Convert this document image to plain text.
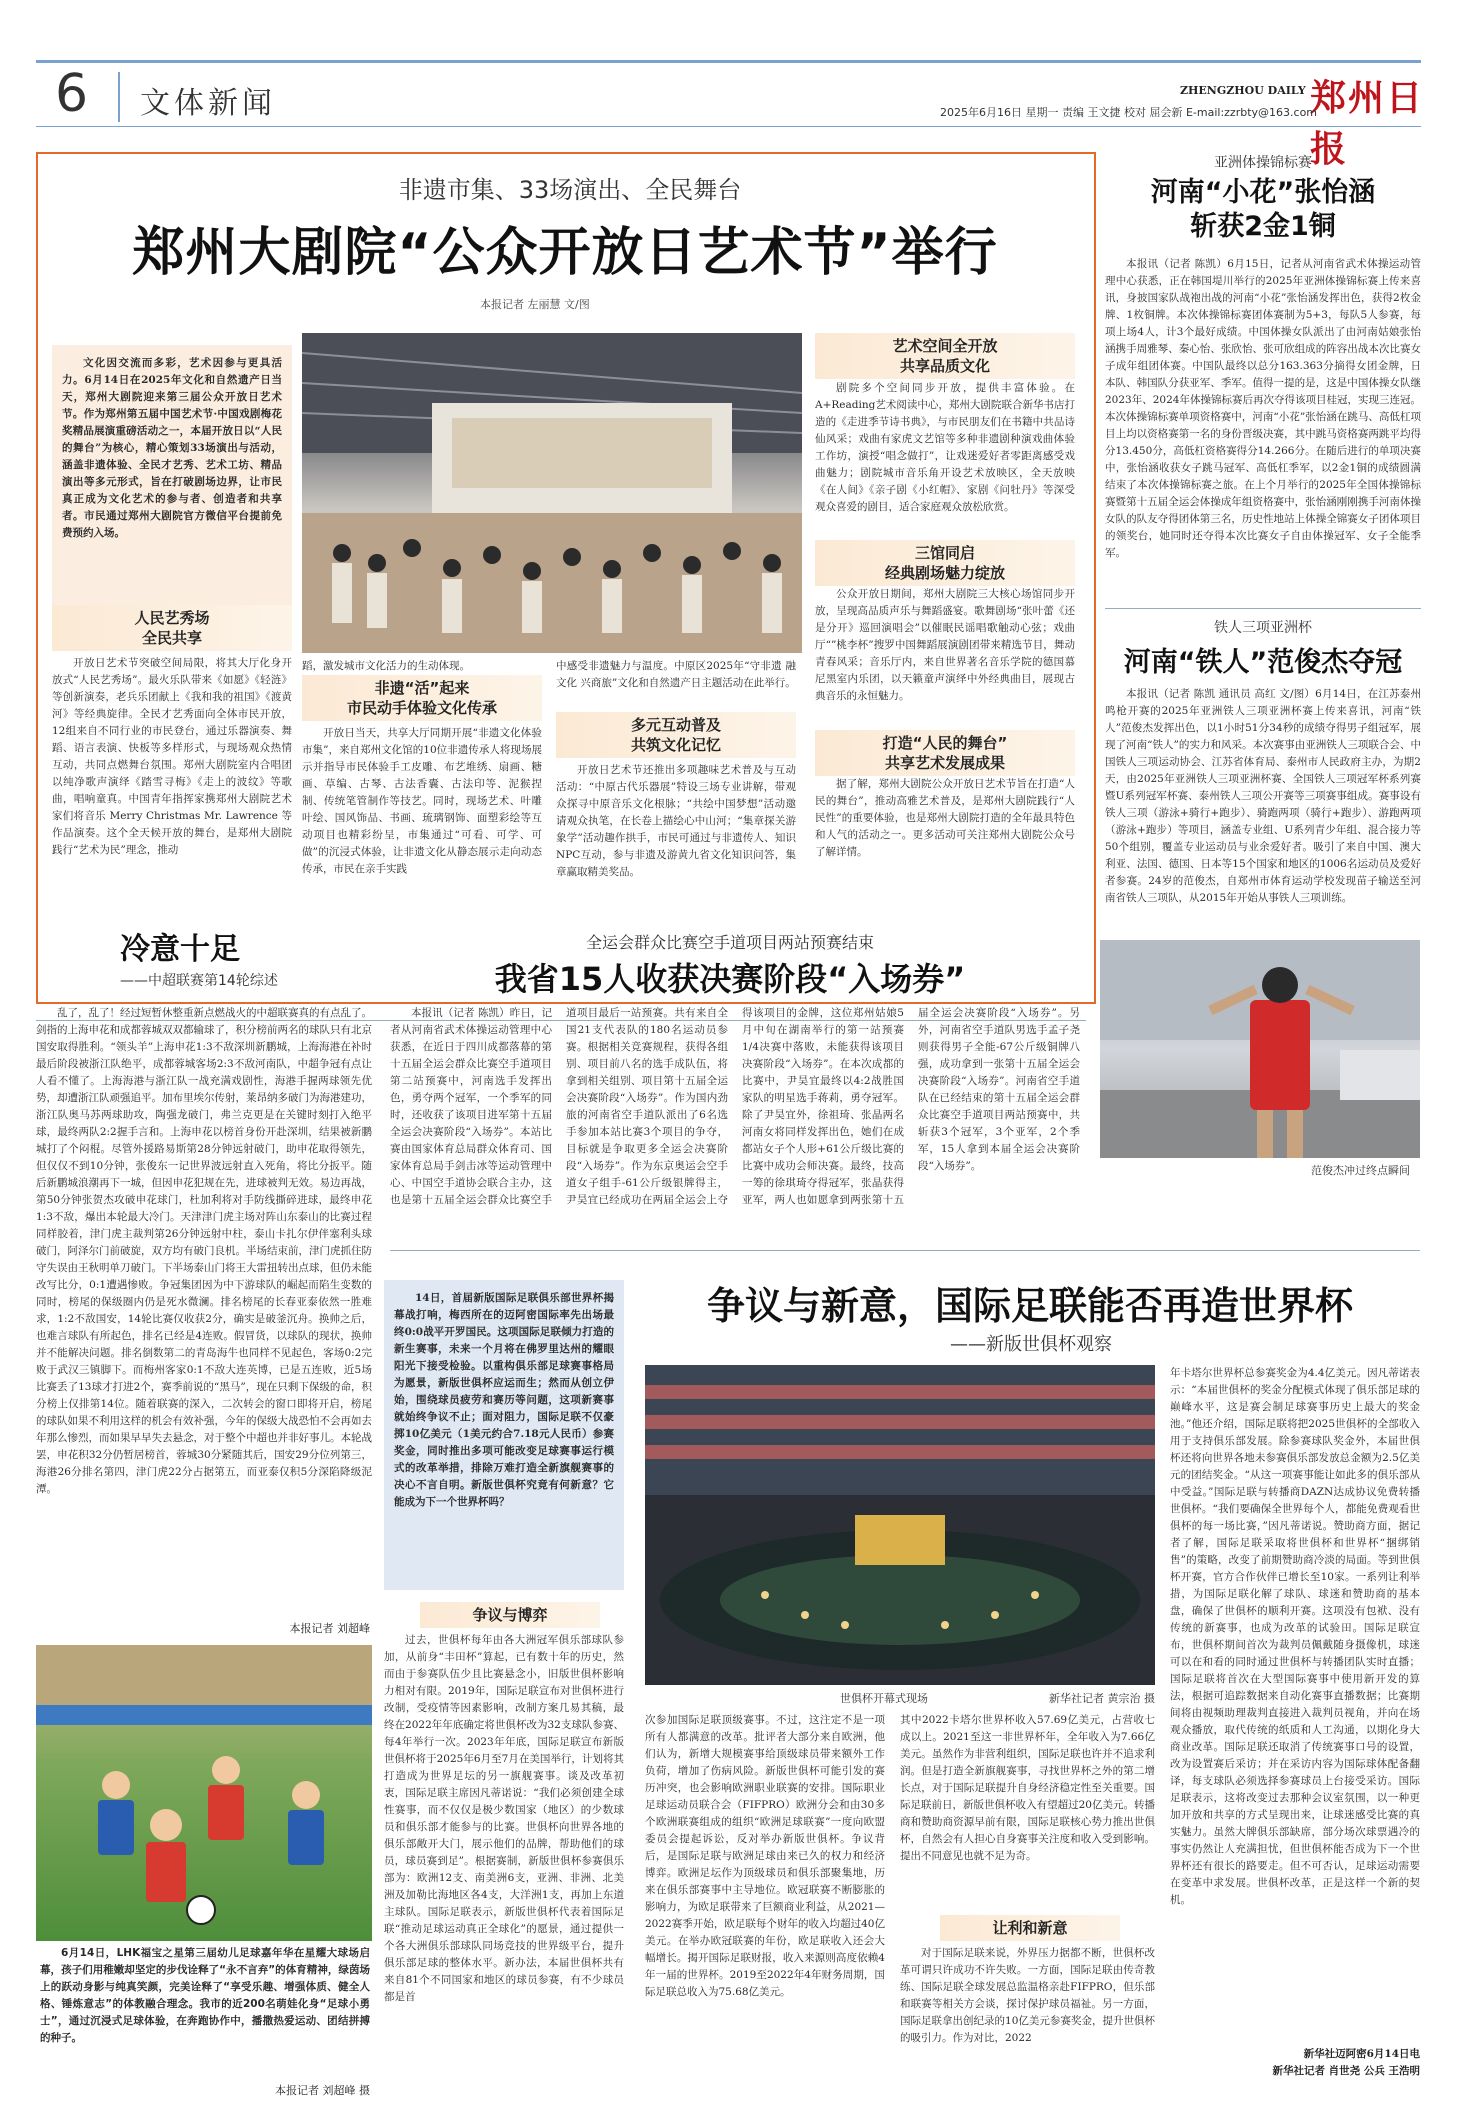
6 文体新闻	ZHENGZHOU DAILY 郑州日报
2025年6月16日 星期一 责编 王文捷 校对 屈会新 E-mail:zzrbty@163.com
非遗市集、33场演出、全民舞台
郑州大剧院“公众开放日艺术节”举行
本报记者 左丽慧 文/图

文化因交流而多彩，艺术因参与更具活力。6月14日在2025年文化和自然遗产日当天，郑州大剧院迎来第三届公众开放日艺术节。作为郑州第五届中国艺术节·中国戏剧梅花奖精品展演重磅活动之一，本届开放日以“人民的舞台”为核心，精心策划33场演出与活动，涵盖非遗体验、全民才艺秀、艺术工坊、精品演出等多元形式，旨在打破剧场边界，让市民真正成为文化艺术的参与者、创造者和共享者。市民通过郑州大剧院官方微信平台提前免费预约入场。

人民艺秀场
全民共享

开放日艺术节突破空间局限，将其大厅化身开放式“人民艺秀场”。最火乐队带来《如愿》《轻涟》等创新演奏，老兵乐团献上《我和我的祖国》《渡黄河》等经典旋律。全民才艺秀面向全体市民开放，12组来自不同行业的市民登台，通过乐器演奏、舞蹈、语言表演、快板等多样形式，与现场观众热情互动，共同点燃舞台氛围。郑州大剧院室内合唱团以纯净歌声演绎《踏雪寻梅》《走上的波纹》等歌曲，唱响童真。中国青年指挥家携郑州大剧院艺术家们将音乐 Merry Christmas Mr. Lawrence 等作品演奏。这个全天候开放的舞台，是郑州大剧院践行“艺术为民”理念，推动

蹈，激发城市文化活力的生动体现。

非遗“活”起来
市民动手体验文化传承

开放日当天，共享大厅同期开展“非遗文化体验市集”，来自郑州文化馆的10位非遗传承人将现场展示并指导市民体验手工皮雕、布艺堆绣、扇画、糖画、草编、古琴、古法香囊、古法印等、泥猴捏制、传统笔管制作等技艺。同时，现场艺术、叶雕叶绘、国风饰品、书画、琉璃钢饰、面塑彩绘等互动项目也精彩纷呈，市集通过“可看、可学、可做”的沉浸式体验，让非遗文化从静态展示走向动态传承，市民在亲手实践

中感受非遗魅力与温度。中原区2025年“守非遗 融文化 兴商旅”文化和自然遗产日主题活动在此举行。

多元互动普及
共筑文化记忆

开放日艺术节还推出多项趣味艺术普及与互动活动：“中原古代乐器展”特设三场专业讲解，带观众探寻中原音乐文化根脉；“共绘中国梦想”活动邀请观众执笔，在长卷上描绘心中山河；“集章探关游象学”活动趣作拱手，市民可通过与非遗传人、知识NPC互动，参与非遗及游黄九省文化知识问答，集章赢取精美奖品。

艺术空间全开放
共享品质文化

剧院多个空间同步开放，提供丰富体验。在A+Reading艺术阅读中心，郑州大剧院联合新华书店打造的《走进季节诗书典》，与市民朋友们在书籍中共品诗仙风采；戏曲有家虎文艺馆等多种非遗剧种演戏曲体验工作坊，演授“唱念做打”，让戏迷爱好者零距离感受戏曲魅力；剧院城市音乐角开设艺术放映区，全天放映《在人间》《亲子剧《小红帽》、家剧《问牡丹》等深受观众喜爱的剧目，适合家庭观众放松欣赏。

三馆同启
经典剧场魅力绽放

公众开放日期间，郑州大剧院三大核心场馆同步开放，呈现高品质声乐与舞蹈盛宴。歌舞剧场“张叶蕾《还是分开》巡回演唱会”以催眠民谣唱歌触动心弦；戏曲厅“”桃李杯”搜罗中国舞蹈展演剧团带来精选节目，舞动青春风采；音乐厅内，来自世界著名音乐学院的德国慕尼黑室内乐团，以天籁童声演绎中外经典曲目，展现古典音乐的永恒魅力。

打造“人民的舞台”
共享艺术发展成果

据了解，郑州大剧院公众开放日艺术节旨在打造“人民的舞台”，推动高雅艺术普及，是郑州大剧院践行“人民性”的重要体验，也是郑州大剧院打造的全年最具特色和人气的活动之一。更多活动可关注郑州大剧院公众号了解详情。

亚洲体操锦标赛
河南“小花”张怡涵
斩获2金1铜

本报讯（记者 陈凯）6月15日，记者从河南省武术体操运动管理中心获悉，正在韩国堤川举行的2025年亚洲体操锦标赛上传来喜讯，身披国家队战袍出战的河南“小花”张怡涵发挥出色，获得2枚金牌、1枚铜牌。本次体操锦标赛团体赛制为5+3，每队5人参赛，每项上场4人，计3个最好成绩。中国体操女队派出了由河南姑娘张怡涵携手周雅琴、秦心怡、张欣怡、张可欣组成的阵容出战本次比赛女子成年组团体赛。中国队最终以总分163.363分摘得女团金牌，日本队、韩国队分获亚军、季军。值得一提的是，这是中国体操女队继2023年、2024年体操锦标赛后再次夺得该项目桂冠，实现三连冠。本次体操锦标赛单项资格赛中，河南“小花”张怡涵在跳马、高低杠项目上均以资格赛第一名的身份晋级决赛，其中跳马资格赛两跳平均得分13.450分，高低杠资格赛得分14.266分。在随后进行的单项决赛中，张怡涵收获女子跳马冠军、高低杠季军，以2金1铜的成绩圆满结束了本次体操锦标赛之旅。在上个月举行的2025年全国体操锦标赛暨第十五届全运会体操成年组资格赛中，张怡涵刚刚携手河南体操女队的队友夺得团体第三名，历史性地站上体操全锦赛女子团体项目的领奖台，她同时还夺得本次比赛女子自由体操冠军、女子全能季军。

铁人三项亚洲杯
河南“铁人”范俊杰夺冠

本报讯（记者 陈凯 通讯员 高红 文/图）6月14日，在江苏泰州鸣枪开赛的2025年亚洲铁人三项亚洲杯赛上传来喜讯，河南“铁人”范俊杰发挥出色，以1小时51分34秒的成绩夺得男子组冠军，展现了河南“铁人”的实力和风采。本次赛事由亚洲铁人三项联合会、中国铁人三项运动协会、江苏省体育局、泰州市人民政府主办，为期2天，由2025年亚洲铁人三项亚洲杯赛、全国铁人三项冠军杯系列赛暨U系列冠军杯赛、泰州铁人三项公开赛等三项赛事组成。赛事设有铁人三项（游泳+骑行+跑步）、骑跑两项（骑行+跑步）、游跑两项（游泳+跑步）等项目，涵盖专业组、U系列青少年组、混合接力等50个组别，覆盖专业运动员与业余爱好者。吸引了来自中国、澳大利亚、法国、德国、日本等15个国家和地区的1006名运动员及爱好者参赛。24岁的范俊杰，自郑州市体育运动学校发现苗子输送至河南省铁人三项队，从2015年开始从事铁人三项训练。

范俊杰冲过终点瞬间
冷意十足
——中超联赛第14轮综述

乱了，乱了！经过短暂休整重新点燃战火的中超联赛真的有点乱了。剑指的上海申花和成都蓉城双双都输球了，积分榜前两名的球队只有北京国安取得胜利。“领头羊”上海申花1:3不敌深圳新鹏城，上海海港在补时最后阶段被浙江队绝平，成都蓉城客场2:3不敌河南队，中超争冠有点让人看不懂了。上海海港与浙江队一战充满戏剧性，海港手握两球领先优势，却遭浙江队顽强追平。加布里埃尔传射，莱昂纳多破门为海港建功，浙江队奥马苏两球助攻，陶强龙破门，弗兰克更是在关键时刻打入绝平球，最终两队2:2握手言和。上海申花以榜首身份开赴深圳，结果被新鹏城打了个闷棍。尽管外援路易斯第28分钟远射破门，助申花取得领先，但仅仅不到10分钟，张俊东一记世界波远射直入死角，将比分扳平。随后新鹏城浪潮再下一城，但因申花犯规在先，进球被判无效。易边再战，第50分钟张贺杰攻破申花球门，杜加利将对手防线撕碎进球，最终申花1:3不敌，爆出本轮最大冷门。天津津门虎主场对阵山东泰山的比赛过程同样胶着，津门虎主裁判第26分钟远射中柱，泰山卡扎尔伊伴塞利头球破门，阿泽尔门前破旋，双方均有破门良机。半场结束前，津门虎抓住防守失误由王秋明单刀破门。下半场泰山门将王大雷扭转出点球，但仍未能改写比分，0:1遭遇惨败。争冠集团因为中下游球队的崛起而陷生变数的同时，榜尾的保级圈内仍是死水微澜。排名榜尾的长春亚泰依然一胜难求，1:2不敌国安，14轮比赛仅收获2分，确实是破釜沉舟。换帅之后，也难言球队有所起色，排名已经是4连败。假冒货，以球队的现状，换帅并不能解决问题。排名倒数第二的青岛海牛也同样不见起色，客场0:2完败于武汉三镇脚下。而梅州客家0:1不敌大连英博，已是五连败，近5场比赛丢了13球才打进2个，赛季前说的“黑马”，现在只剩下保级的命，积分榜上仅排第14位。随着联赛的深入，二次转会的窗口即将开启，榜尾的球队如果不利用这样的机会有效补强，今年的保级大战恐怕不会再如去年那么惨烈，而如果早早失去悬念，对于整个中超也并非好事儿。本轮战罢，申花积32分仍暂居榜首，蓉城30分紧随其后，国安29分位列第三，海港26分排名第四，津门虎22分占据第五，而亚泰仅积5分深陷降级泥潭。

本报记者 刘超峰
全运会群众比赛空手道项目两站预赛结束
我省15人收获决赛阶段“入场券”

本报讯（记者 陈凯）昨日，记者从河南省武术体操运动管理中心获悉，在近日于四川成都落幕的第十五届全运会群众比赛空手道项目第二站预赛中，河南选手发挥出色，勇夺两个冠军，一个季军的同时，还收获了该项目进军第十五届全运会决赛阶段“入场券”。本站比赛由国家体育总局群众体育司、国家体育总局手剑击冰等运动管理中心、中国空手道协会联合主办，这也是第十五届全运会群众比赛空手道项目最后一站预赛。共有来自全国21支代表队的180名运动员参赛。根据相关竞赛规程，获得各组别、项目前八名的选手成队伍，将拿到相关组别、项目第十五届全运会决赛阶段“入场券”。作为国内劲旅的河南省空手道队派出了6名选手参加本站比赛3个项目的争夺，目标就是争取更多全运会决赛阶段“入场券”。作为东京奥运会空手道女子组手-61公斤级银牌得主，尹昊宜已经成功在两届全运会上夺得该项目的金牌，这位郑州姑娘5月中旬在湖南举行的第一站预赛1/4决赛中落败，未能获得该项目决赛阶段“入场券”。在本次成都的比赛中，尹昊宜最终以4:2战胜国家队的明星选手蒋莉，勇夺冠军。除了尹昊宜外，徐祖琦、张晶两名河南女将同样发挥出色，她们在成都站女子个人形+61公斤级比赛的比赛中成功会师决赛。最终，技高一筹的徐琪琦夺得冠军，张晶获得亚军，两人也如愿拿到两张第十五届全运会决赛阶段“入场券”。另外，河南省空手道队男选手孟子尧则获得男子全能-67公斤级铜牌八强，成功拿到一张第十五届全运会决赛阶段“入场券”。河南省空手道队在已经结束的第十五届全运会群众比赛空手道项目两站预赛中，共斩获3个冠军，3个亚军，2个季军，15人拿到本届全运会决赛阶段“入场券”。

争议与新意，国际足联能否再造世界杯
——新版世俱杯观察

14日，首届新版国际足联俱乐部世界杯揭幕战打响，梅西所在的迈阿密国际率先出场最终0:0战平开罗国民。这项国际足联倾力打造的新生赛事，未来一个月将在佛罗里达州的耀眼阳光下接受检验。以重构俱乐部足球赛事格局为愿景，新版世俱杯应运而生；然而从创立伊始，围绕球员疲劳和赛历等问题，这项新赛事就始终争议不止；面对阻力，国际足联不仅豪掷10亿美元（1美元约合7.18元人民币）参赛奖金，同时推出多项可能改变足球赛事运行模式的改革举措，排除万难打造全新旗舰赛事的决心不言自明。新版世俱杯究竟有何新意？它能成为下一个世界杯吗？

争议与博弈

过去，世俱杯每年由各大洲冠军俱乐部球队参加，从前身“丰田杯”算起，已有数十年的历史，然而由于参赛队伍少且比赛悬念小，旧版世俱杯影响力相对有限。2019年，国际足联宣布对世俱杯进行改制，受疫情等因素影响，改制方案几易其稿，最终在2022年年底确定将世俱杯改为32支球队参赛、每4年举行一次。2023年年底，国际足联宣布新版世俱杯将于2025年6月至7月在美国举行，计划将其打造成为世界足坛的另一旗舰赛事。谈及改革初衷，国际足联主席因凡蒂诺说：“我们必须创建全球性赛事，而不仅仅是极少数国家（地区）的少数球员和俱乐部才能参与的比赛。世俱杯向世界各地的俱乐部敞开大门，展示他们的品牌，帮助他们的球员，球员赛到足”。根据赛制，新版世俱杯参赛俱乐部为：欧洲12支、南美洲6支，亚洲、非洲、北美洲及加勒比海地区各4支，大洋洲1支，再加上东道主球队。国际足联表示，新版世俱杯代表着国际足联“推动足球运动真正全球化”的愿景，通过提供一个各大洲俱乐部球队同场竞技的世界级平台，提升俱乐部足球的整体水平。新办法，本届世俱杯共有来自81个不同国家和地区的球员参赛，有不少球员都是首

世俱杯开幕式现场	新华社记者 黄宗治 摄

次参加国际足联顶级赛事。不过，这注定不是一项所有人都满意的改革。批评者大部分来自欧洲，他们认为，新增大规模赛事给顶级球员带来额外工作负荷，增加了伤病风险。新版世俱杯可能引发的赛历冲突，也会影响欧洲职业联赛的安排。国际职业足球运动员联合会（FIFPRO）欧洲分会和由30多个欧洲联赛组成的组织“欧洲足球联赛”一度向欧盟委员会提起诉讼，反对举办新版世俱杯。争议背后，是国际足联与欧洲足球由来已久的权力和经济博弈。欧洲足坛作为顶级球员和俱乐部聚集地，历来在俱乐部赛事中主导地位。欧冠联赛不断膨胀的影响力，为欧足联带来了巨额商业利益，从2021—2022赛季开始，欧足联每个财年的收入均超过40亿美元。在举办欧冠联赛的年份，欧足联收入还会大幅增长。揭开国际足联财报，收入来源则高度依赖4年一届的世界杯。2019至2022年4年财务周期，国际足联总收入为75.68亿美元。

其中2022卡塔尔世界杯收入57.69亿美元，占营收七成以上。2021至这一非世界杯年，全年收入为7.66亿美元。虽然作为非营利组织，国际足联也许并不追求利润。但是打造全新旗舰赛事，寻找世界杯之外的第二增长点，对于国际足联提升自身经济稳定性至关重要。国际足联前日，新版世俱杯收入有望超过20亿美元。转播商和赞助商资源早前有限，国际足联核心势力推出世俱杯，自然会有人担心自身赛事关注度和收入受到影响。提出不同意见也就不足为奇。

让利和新意

对于国际足联来说，外界压力据都不断，世俱杯改革可谓只许成功不许失败。一方面，国际足联由传奇教练、国际足联全球发展总监温格亲赴FIFPRO，但乐部和联赛等相关方会谈，探讨保护球员福祉。另一方面，国际足联拿出创纪录的10亿美元参赛奖金，提升世俱杯的吸引力。作为对比，2022

年卡塔尔世界杯总参赛奖金为4.4亿美元。因凡蒂诺表示：“本届世俱杯的奖金分配模式体现了俱乐部足球的巅峰水平，这是赛会制足球赛事历史上最大的奖金池。”他还介绍，国际足联将把2025世俱杯的全部收入用于支持俱乐部发展。除参赛球队奖金外，本届世俱杯还将向世界各地未参赛俱乐部发放总金额为2.5亿美元的团结奖金。“从这一项赛事能让如此多的俱乐部从中受益。”国际足联与转播商DAZN达成协议免费转播世俱杯。“我们要确保全世界每个人，都能免费观看世俱杯的每一场比赛，”因凡蒂诺说。赞助商方面，据记者了解，国际足联采取将世俱杯和世界杯“捆绑销售”的策略，改变了前期赞助商冷淡的局面。等到世俱杯开赛，官方合作伙伴已增长至10家。一系列让利举措，为国际足联化解了球队、球迷和赞助商的基本盘，确保了世俱杯的顺利开赛。这项没有包袱、没有传统的新赛事，也成为改革的试验田。国际足联宣布，世俱杯期间首次为裁判员佩戴随身摄像机，球迷可以在和看的同时通过世俱杯与转播团队实时直播；国际足联将首次在大型国际赛事中使用新开发的算法，根据可追踪数据来自动化赛事直播数据；比赛期间将由视频助理裁判直接进入裁判员视角，并向在场观众播放，取代传统的纸质和人工沟通，以期化身大商业改革。国际足联还取消了传统赛事口号的设置，改为设置赛后采访；并在采访内容为国际球体配备翻译，每支球队必须选择参赛球员上台接受采访。国际足联表示，这将改变过去那种会议室氛围，以一种更加开放和共享的方式呈现出来，让球迷感受比赛的真实魅力。虽然大牌俱乐部缺席，部分场次球票遇冷的事实仍然让人充满担忧，但世俱杯能否成为下一个世界杯还有很长的路要走。但不可否认，足球运动需要在变革中求发展。世俱杯改革，正是这样一个新的契机。

新华社迈阿密6月14日电
新华社记者 肖世尧 公兵 王浩明

6月14日，LHK福宝之星第三届幼儿足球嘉年华在星耀大球场启幕，孩子们用稚嫩却坚定的步伐诠释了“永不言弃”的体育精神，绿茵场上的跃动身影与纯真笑颜，完美诠释了“享受乐趣、增强体质、健全人格、锤炼意志”的体教融合理念。我市的近200名萌娃化身“足球小勇士”，通过沉浸式足球体验，在奔跑协作中，播撒热爱运动、团结拼搏的种子。

本报记者 刘超峰 摄
